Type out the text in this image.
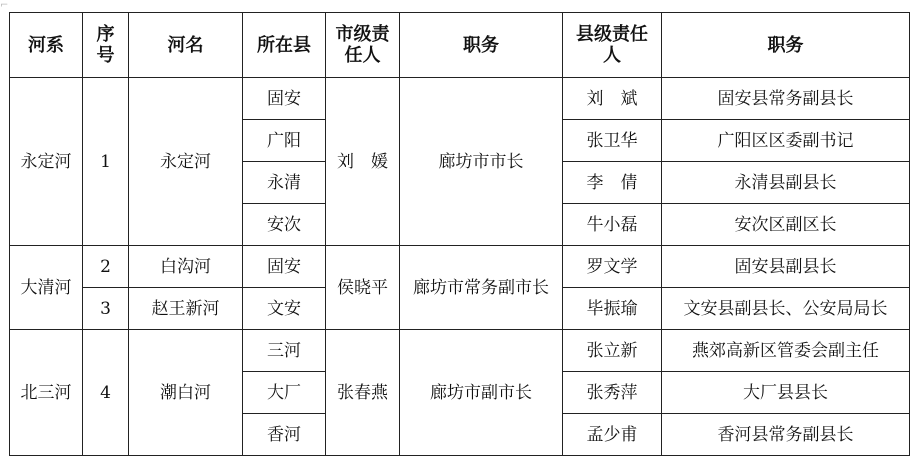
⌐
河系	序号	河名	所在县	市级责任人	职务	县级责任人	职务
永定河	1	永定河	固安	刘　媛	廊坊市市长	刘　斌	固安县常务副县长
			广阳			张卫华	广阳区区委副书记
			永清			李　倩	永清县副县长
			安次			牛小磊	安次区副区长
大清河	2	白沟河	固安	侯晓平	廊坊市常务副市长	罗文学	固安县副县长
	3	赵王新河	文安			毕振瑜	文安县副县长、公安局局长
北三河	4	潮白河	三河	张春燕	廊坊市副市长	张立新	燕郊高新区管委会副主任
			大厂			张秀萍	大厂县县长
			香河			孟少甫	香河县常务副县长
